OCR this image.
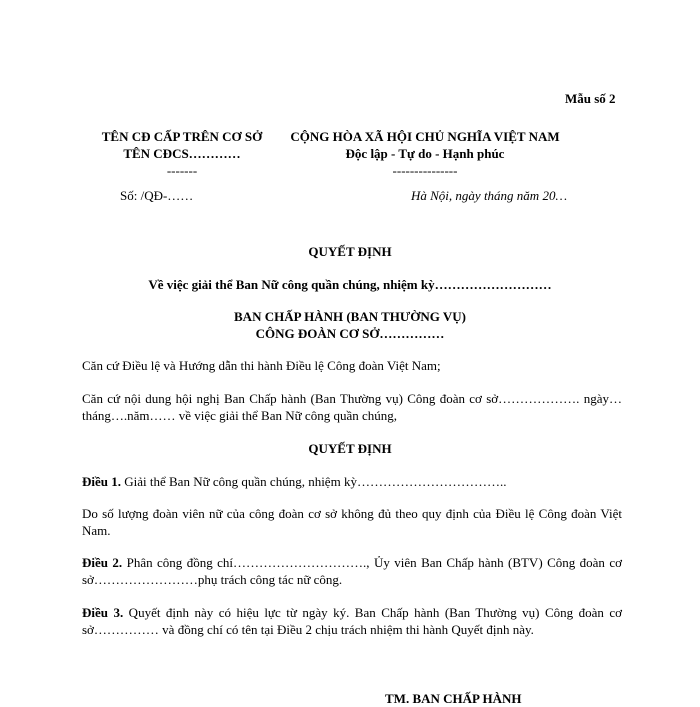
Mẫu số 2
TÊN CĐ CẤP TRÊN CƠ SỞ
TÊN CĐCS…………
-------
Số: /QĐ-……
CỘNG HÒA XÃ HỘI CHỦ NGHĨA VIỆT NAM
Độc lập - Tự do - Hạnh phúc
---------------
Hà Nội, ngày tháng năm 20…
QUYẾT ĐỊNH
Về việc giải thể Ban Nữ công quần chúng, nhiệm kỳ………………………
BAN CHẤP HÀNH (BAN THƯỜNG VỤ)
CÔNG ĐOÀN CƠ SỞ……………
Căn cứ Điều lệ và Hướng dẫn thi hành Điều lệ Công đoàn Việt Nam;
Căn cứ nội dung hội nghị Ban Chấp hành (Ban Thường vụ) Công đoàn cơ sở………………. ngày…tháng….năm…… về việc giải thể Ban Nữ công quần chúng,
QUYẾT ĐỊNH
Điều 1. Giải thể Ban Nữ công quần chúng, nhiệm kỳ……………………………..
Do số lượng đoàn viên nữ của công đoàn cơ sở không đủ theo quy định của Điều lệ Công đoàn Việt Nam.
Điều 2. Phân công đồng chí…………………………., Ủy viên Ban Chấp hành (BTV) Công đoàn cơ sở……………………phụ trách công tác nữ công.
Điều 3. Quyết định này có hiệu lực từ ngày ký. Ban Chấp hành (Ban Thường vụ) Công đoàn cơ sở…………… và đồng chí có tên tại Điều 2 chịu trách nhiệm thi hành Quyết định này.
TM. BAN CHẤP HÀNH
